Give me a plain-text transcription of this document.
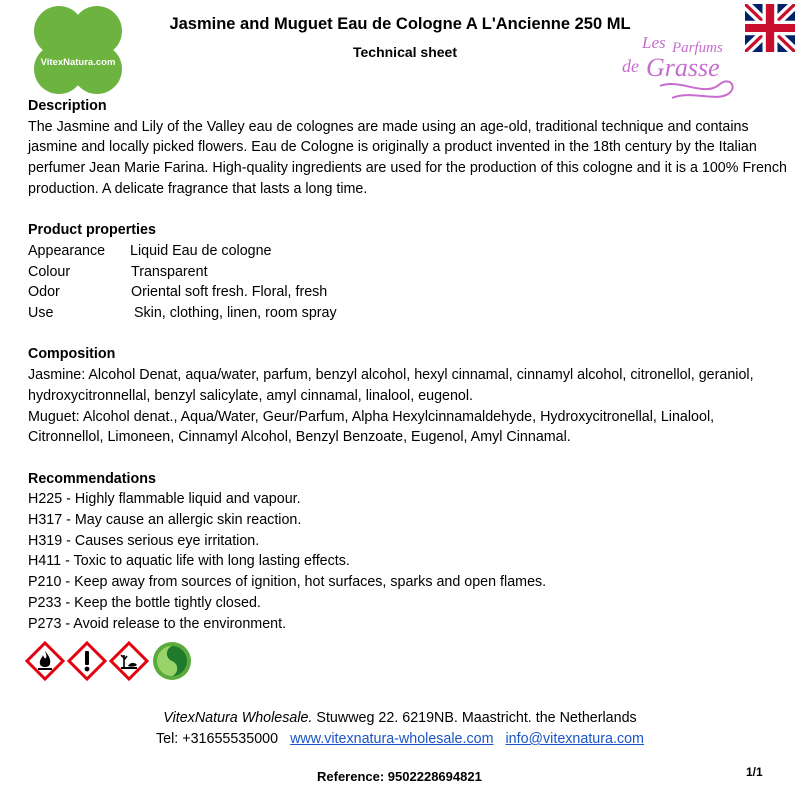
VitexNatura.com
Jasmine and Muguet Eau de Cologne A L'Ancienne 250 ML
Technical sheet	Les Parfums
de Grasse
Description

The Jasmine and Lily of the Valley eau de colognes are made using an age-old, traditional technique and contains jasmine and locally picked flowers. Eau de Cologne is originally a product invented in the 18th century by the Italian perfumer Jean Marie Farina. High-quality ingredients are used for the production of this cologne and it is a 100% French production. A delicate fragrance that lasts a long time.

Product properties
Appearance	Liquid Eau de cologne
Colour	Transparent
Odor	Oriental soft fresh. Floral, fresh
Use	Skin, clothing, linen, room spray
Composition

Jasmine: Alcohol Denat, aqua/water, parfum, benzyl alcohol, hexyl cinnamal, cinnamyl alcohol, citronellol, geraniol, hydroxycitronnellal, benzyl salicylate, amyl cinnamal, linalool, eugenol.

Muguet: Alcohol denat., Aqua/Water, Geur/Parfum, Alpha Hexylcinnamaldehyde, Hydroxycitronellal, Linalool, Citronnellol, Limoneen, Cinnamyl Alcohol, Benzyl Benzoate, Eugenol, Amyl Cinnamal.

Recommendations

H225 - Highly flammable liquid and vapour.

H317 - May cause an allergic skin reaction.

H319 - Causes serious eye irritation.

H411 - Toxic to aquatic life with long lasting effects.

P210 - Keep away from sources of ignition, hot surfaces, sparks and open flames.

P233 - Keep the bottle tightly closed.

P273 - Avoid release to the environment.

VitexNatura Wholesale. Stuwweg 22. 6219NB. Maastricht. the Netherlands
Tel: +31655535000 www.vitexnatura-wholesale.com info@vitexnatura.com
Reference: 9502228694821	1/1
